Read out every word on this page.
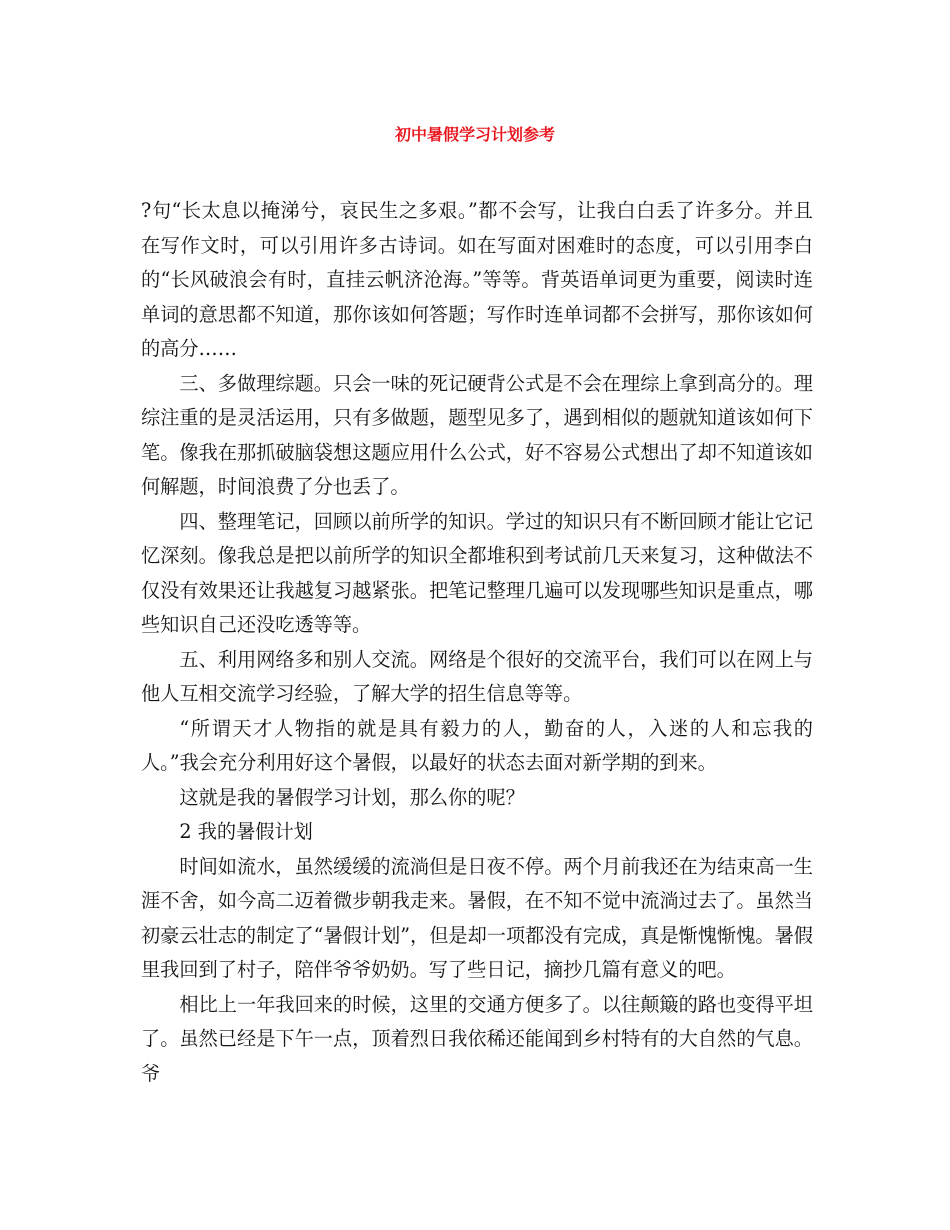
初中暑假学习计划参考

?句“长太息以掩涕兮，哀民生之多艰。”都不会写，让我白白丢了许多分。并且在写作文时，可以引用许多古诗词。如在写面对困难时的态度，可以引用李白的“长风破浪会有时，直挂云帆济沧海。”等等。背英语单词更为重要，阅读时连单词的意思都不知道，那你该如何答题；写作时连单词都不会拼写，那你该如何的高分……

三、多做理综题。只会一味的死记硬背公式是不会在理综上拿到高分的。理综注重的是灵活运用，只有多做题，题型见多了，遇到相似的题就知道该如何下笔。像我在那抓破脑袋想这题应用什么公式，好不容易公式想出了却不知道该如何解题，时间浪费了分也丢了。

四、整理笔记，回顾以前所学的知识。学过的知识只有不断回顾才能让它记忆深刻。像我总是把以前所学的知识全都堆积到考试前几天来复习，这种做法不仅没有效果还让我越复习越紧张。把笔记整理几遍可以发现哪些知识是重点，哪些知识自己还没吃透等等。

五、利用网络多和别人交流。网络是个很好的交流平台，我们可以在网上与他人互相交流学习经验，了解大学的招生信息等等。

“所谓天才人物指的就是具有毅力的人，勤奋的人，入迷的人和忘我的人。”我会充分利用好这个暑假，以最好的状态去面对新学期的到来。

这就是我的暑假学习计划，那么你的呢？

2 我的暑假计划

时间如流水，虽然缓缓的流淌但是日夜不停。两个月前我还在为结束高一生涯不舍，如今高二迈着微步朝我走来。暑假，在不知不觉中流淌过去了。虽然当初豪云壮志的制定了“暑假计划”，但是却一项都没有完成，真是惭愧惭愧。暑假里我回到了村子，陪伴爷爷奶奶。写了些日记，摘抄几篇有意义的吧。

相比上一年我回来的时候，这里的交通方便多了。以往颠簸的路也变得平坦了。虽然已经是下午一点，顶着烈日我依稀还能闻到乡村特有的大自然的气息。爷
